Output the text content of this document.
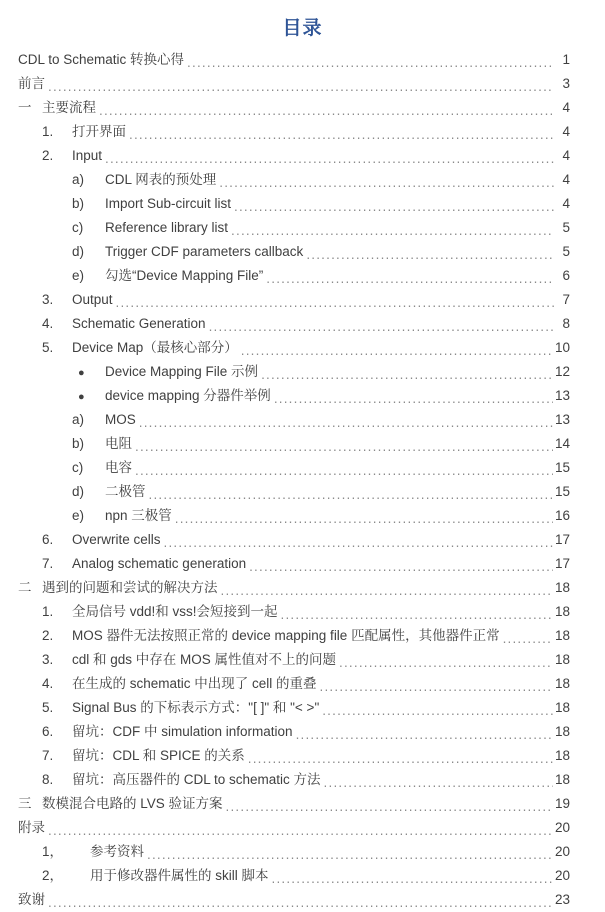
目录
CDL to Schematic 转换心得 .....	1
前言 .....	3
一 主要流程 .....	4
1.	打开界面 .....	4
2.	Input .....	4
a)	CDL 网表的预处理 .....	4
b)	Import Sub-circuit list .....	4
c)	Reference library list .....	5
d)	Trigger CDF parameters callback .....	5
e)	勾选“Device Mapping File” .....	6
3.	Output .....	7
4.	Schematic Generation .....	8
5.	Device Map（最核心部分） .....	10
●	Device Mapping File 示例 .....	12
●	device mapping 分器件举例 .....	13
a)	MOS .....	13
b)	电阻 .....	14
c)	电容 .....	15
d)	二极管 .....	15
e)	npn 三极管 .....	16
6.	Overwrite cells .....	17
7.	Analog schematic generation .....	17
二 遇到的问题和尝试的解决方法 .....	18
1.	全局信号 vdd!和 vss!会短接到一起 .....	18
2.	MOS 器件无法按照正常的 device mapping file 匹配属性，其他器件正常 .....	18
3.	cdl 和 gds 中存在 MOS 属性值对不上的问题 .....	18
4.	在生成的 schematic 中出现了 cell 的重叠 .....	18
5.	Signal Bus 的下标表示方式："[ ]" 和 "< >" .....	18
6.	留坑：CDF 中 simulation information .....	18
7.	留坑：CDL 和 SPICE 的关系 .....	18
8.	留坑：高压器件的 CDL to schematic 方法 .....	18
三 数模混合电路的 LVS 验证方案 .....	19
附录 .....	20
1，	参考资料 .....	20
2，	用于修改器件属性的 skill 脚本 .....	20
致谢 .....	23
